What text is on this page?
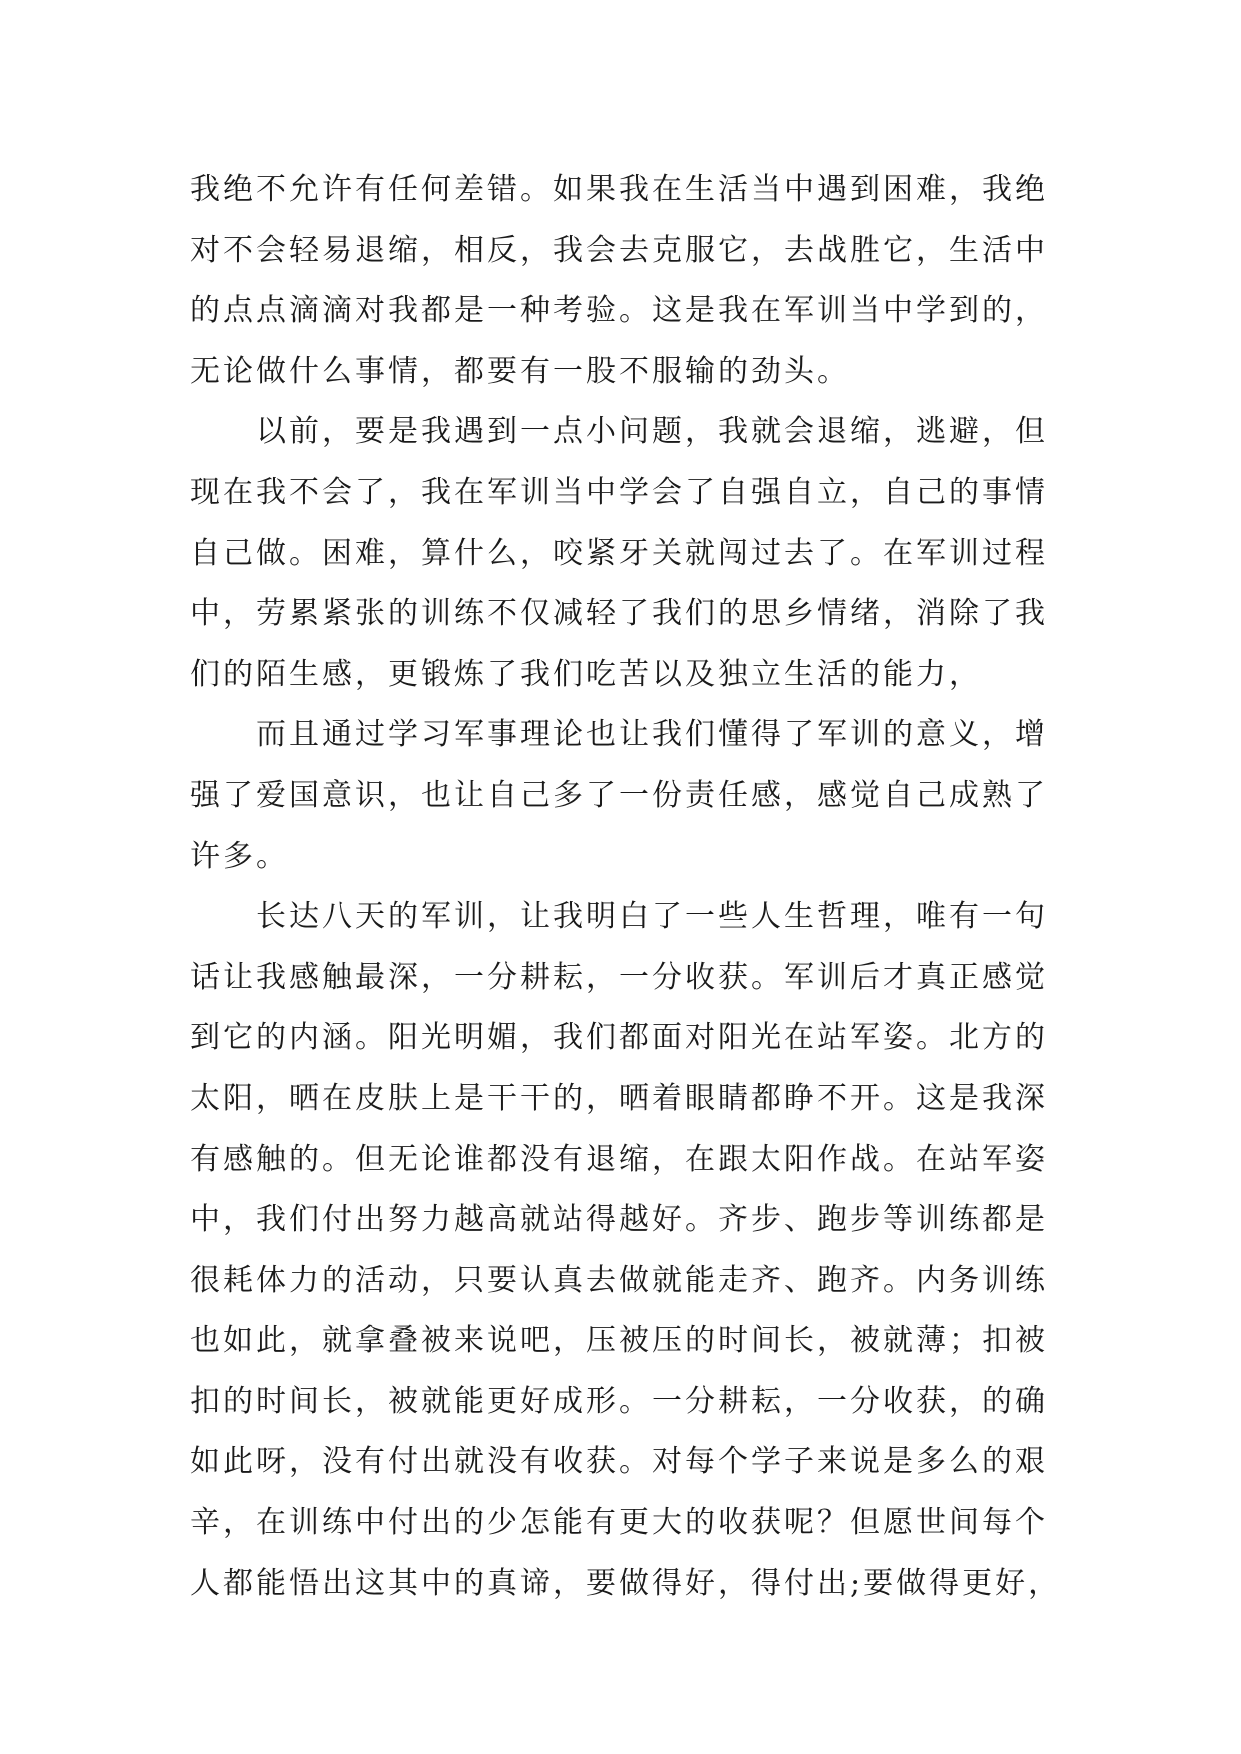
我绝不允许有任何差错。如果我在生活当中遇到困难，我绝
对不会轻易退缩，相反，我会去克服它，去战胜它，生活中
的点点滴滴对我都是一种考验。这是我在军训当中学到的，
无论做什么事情，都要有一股不服输的劲头。
以前，要是我遇到一点小问题，我就会退缩，逃避，但
现在我不会了，我在军训当中学会了自强自立，自己的事情
自己做。困难，算什么，咬紧牙关就闯过去了。在军训过程
中，劳累紧张的训练不仅减轻了我们的思乡情绪，消除了我
们的陌生感，更锻炼了我们吃苦以及独立生活的能力，
而且通过学习军事理论也让我们懂得了军训的意义，增
强了爱国意识，也让自己多了一份责任感，感觉自己成熟了
许多。
长达八天的军训，让我明白了一些人生哲理，唯有一句
话让我感触最深，一分耕耘，一分收获。军训后才真正感觉
到它的内涵。阳光明媚，我们都面对阳光在站军姿。北方的
太阳，晒在皮肤上是干干的，晒着眼睛都睁不开。这是我深
有感触的。但无论谁都没有退缩，在跟太阳作战。在站军姿
中，我们付出努力越高就站得越好。齐步、跑步等训练都是
很耗体力的活动，只要认真去做就能走齐、跑齐。内务训练
也如此，就拿叠被来说吧，压被压的时间长，被就薄；扣被
扣的时间长，被就能更好成形。一分耕耘，一分收获，的确
如此呀，没有付出就没有收获。对每个学子来说是多么的艰
辛，在训练中付出的少怎能有更大的收获呢？但愿世间每个
人都能悟出这其中的真谛，要做得好，得付出;要做得更好，
